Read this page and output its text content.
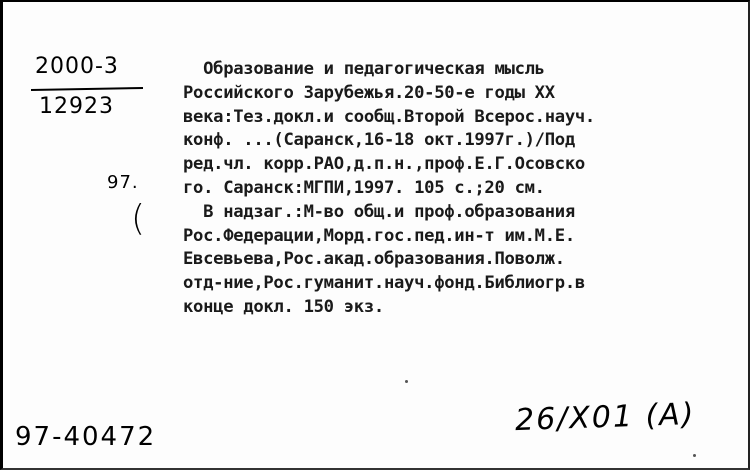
2000-3
12923
97.
(
Образование и педагогическая мысль
Российского Зарубежья.20-50-е годы ХХ
века:Тез.докл.и сообщ.Второй Всерос.науч.
конф. ...(Саранск,16-18 окт.1997г.)/Под
ред.чл. корр.РАО,д.п.н.,проф.Е.Г.Осовско
го. Саранск:МГПИ,1997. 105 с.;20 см.
В надзаг.:М-во общ.и проф.образования
Рос.Федерации,Морд.гос.пед.ин-т им.М.Е.
Евсевьева,Рос.акад.образования.Поволж.
отд-ние,Рос.гуманит.науч.фонд.Библиогр.в
конце докл. 150 экз.
97-40472	26/Х01 (А)
